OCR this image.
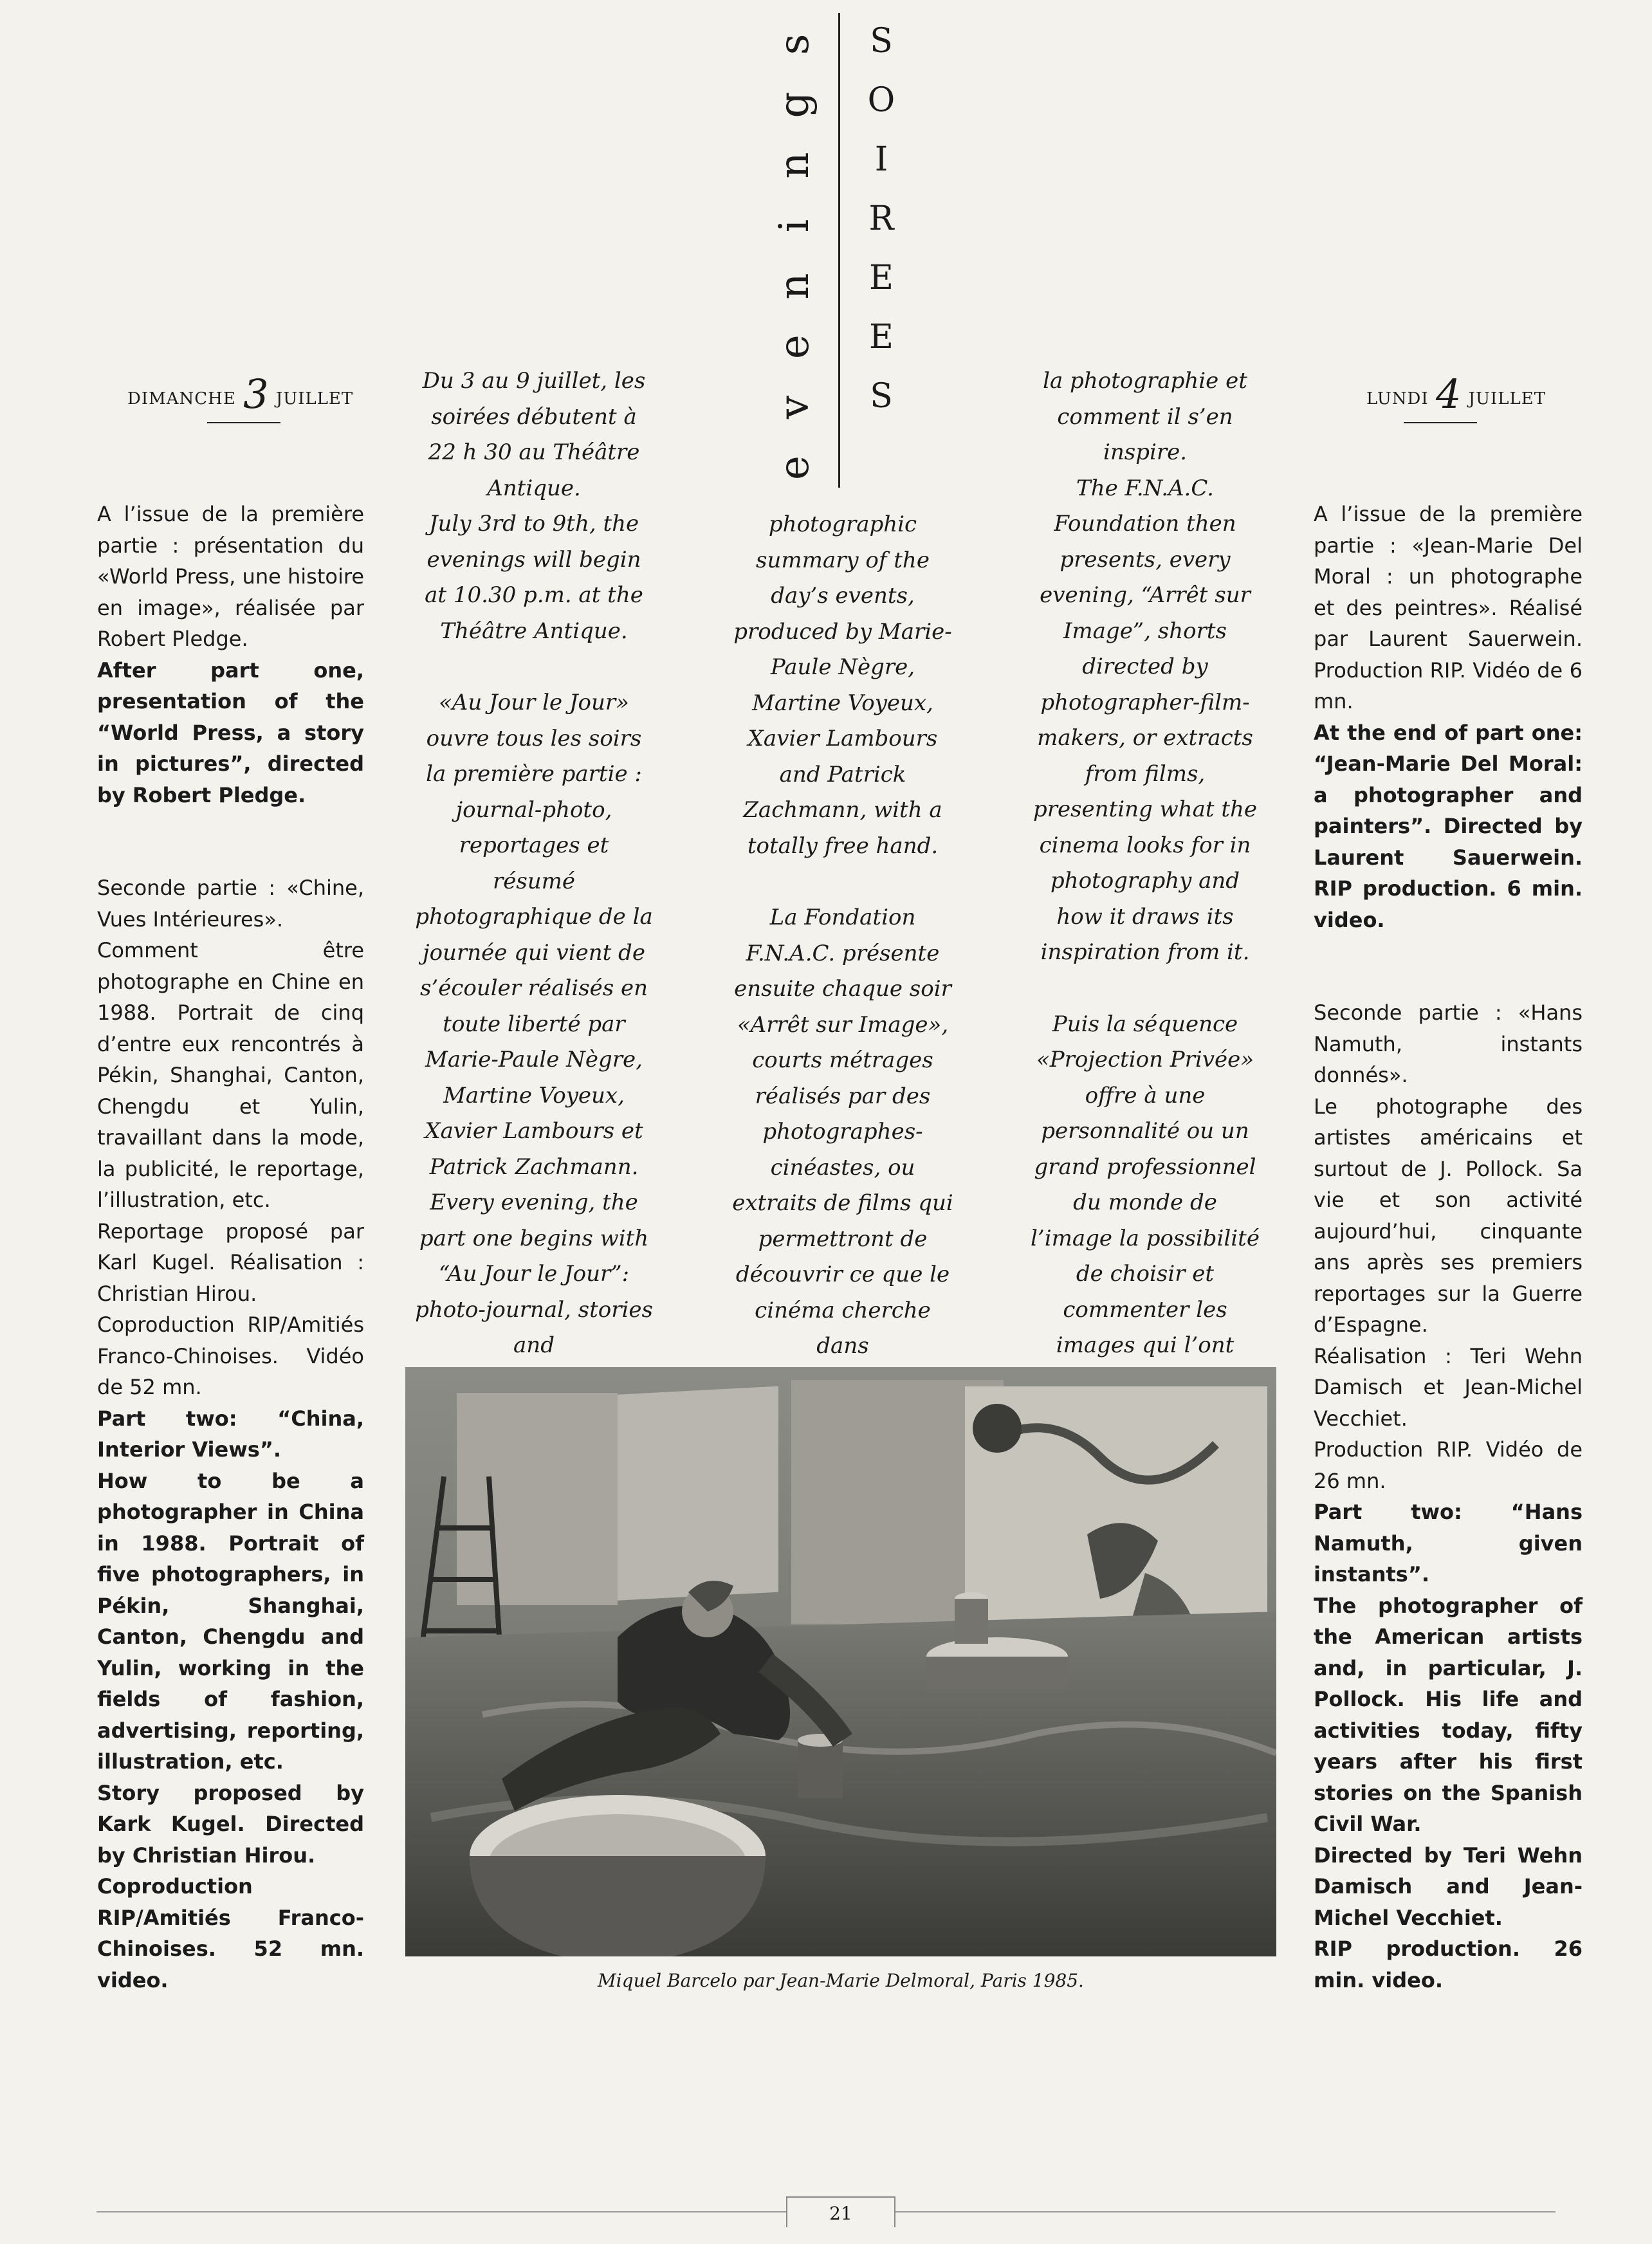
s
g
n
i
n
e
v
e
S
O
I
R
E
E
S
DIMANCHE 3 JUILLET	LUNDI 4 JUILLET

A l’issue de la première partie : présentation du «World Press, une histoire en image», réalisée par Robert Pledge.

After part one, presentation of the “World Press, a story in pictures”, directed by Robert Pledge.

Seconde partie : «Chine, Vues Intérieures».

Comment être photographe en Chine en 1988. Portrait de cinq d’entre eux rencontrés à Pékin, Shanghai, Canton, Chengdu et Yulin, travaillant dans la mode, la publicité, le reportage, l’illustration, etc.

Reportage proposé par Karl Kugel. Réalisation : Christian Hirou.

Coproduction RIP/Amitiés Franco-Chinoises. Vidéo de 52 mn.

Part two: “China, Interior Views”.

How to be a photographer in China in 1988. Portrait of five photographers, in Pékin, Shanghai, Canton, Chengdu and Yulin, working in the fields of fashion, advertising, reporting, illustration, etc.

Story proposed by Kark Kugel. Directed by Christian Hirou.

Coproduction RIP/Amitiés Franco-Chinoises. 52 mn. video.

Du 3 au 9 juillet, les soirées débutent à 22 h 30 au Théâtre Antique.

July 3rd to 9th, the evenings will begin at 10.30 p.m. at the Théâtre Antique.

«Au Jour le Jour» ouvre tous les soirs la première partie : journal-photo, reportages et résumé photographique de la journée qui vient de s’écouler réalisés en toute liberté par Marie-Paule Nègre, Martine Voyeux, Xavier Lambours et Patrick Zachmann.

Every evening, the part one begins with “Au Jour le Jour”: photo-journal, stories and

photographic summary of the day’s events, produced by Marie-Paule Nègre, Martine Voyeux, Xavier Lambours and Patrick Zachmann, with a totally free hand.

La Fondation F.N.A.C. présente ensuite chaque soir «Arrêt sur Image», courts métrages réalisés par des photographes-cinéastes, ou extraits de films qui permettront de découvrir ce que le cinéma cherche dans

la photographie et comment il s’en inspire.

The F.N.A.C. Foundation then presents, every evening, “Arrêt sur Image”, shorts directed by photographer-film-makers, or extracts from films, presenting what the cinema looks for in photography and how it draws its inspiration from it.

Puis la séquence «Projection Privée» offre à une personnalité ou un grand professionnel du monde de l’image la possibilité de choisir et commenter les images qui l’ont

A l’issue de la première partie : «Jean-Marie Del Moral : un photographe et des peintres». Réalisé par Laurent Sauerwein. Production RIP. Vidéo de 6 mn.

At the end of part one: “Jean-Marie Del Moral: a photographer and painters”. Directed by Laurent Sauerwein. RIP production. 6 min. video.

Seconde partie : «Hans Namuth, instants donnés».

Le photographe des artistes américains et surtout de J. Pollock. Sa vie et son activité aujourd’hui, cinquante ans après ses premiers reportages sur la Guerre d’Espagne.

Réalisation : Teri Wehn Damisch et Jean-Michel Vecchiet.

Production RIP. Vidéo de 26 mn.

Part two: “Hans Namuth, given instants”.

The photographer of the American artists and, in particular, J. Pollock. His life and activities today, fifty years after his first stories on the Spanish Civil War.

Directed by Teri Wehn Damisch and Jean-Michel Vecchiet.

RIP production. 26 min. video.

Miquel Barcelo par Jean-Marie Delmoral, Paris 1985.
21
